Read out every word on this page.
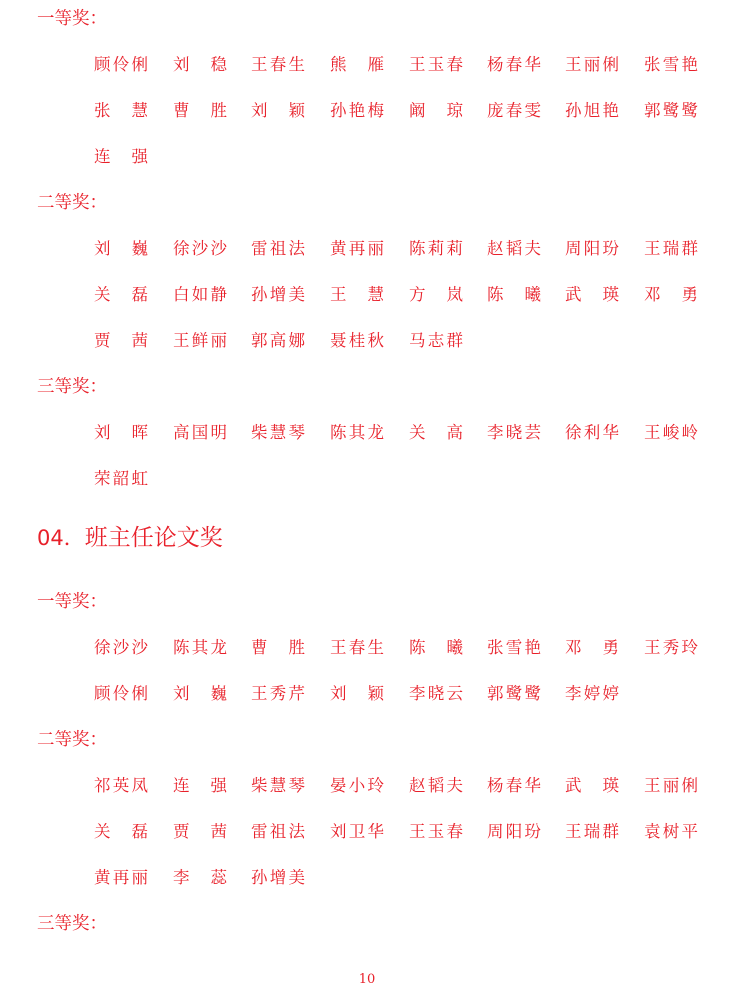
一等奖：
顾伶俐 刘　稳 王春生 熊　雁 王玉春 杨春华 王丽俐 张雪艳
张　慧 曹　胜 刘　颖 孙艳梅 阚　琼 庞春雯 孙旭艳 郭鹭鹭
连　强
二等奖：
刘　巍 徐沙沙 雷祖法 黄再丽 陈莉莉 赵韬夫 周阳玢 王瑞群
关　磊 白如静 孙增美 王　慧 方　岚 陈　曦 武 瑛 邓　勇
贾　茜 王鲜丽 郭高娜 聂桂秋 马志群
三等奖：
刘　晖 高国明 柴慧琴 陈其龙 关　高 李晓芸 徐利华 王峻岭
荣韶虹
04．班主任论文奖
一等奖：
徐沙沙 陈其龙 曹　胜 王春生 陈　曦 张雪艳 邓　勇 王秀玲
顾伶俐 刘　巍 王秀芹 刘　颖 李晓云 郭鹭鹭 李婷婷
二等奖：
祁英凤 连　强 柴慧琴 晏小玲 赵韬夫 杨春华 武　瑛 王丽俐
关　磊 贾　茜 雷祖法 刘卫华 王玉春 周阳玢 王瑞群 袁树平
黄再丽 李　蕊 孙增美
三等奖：
10
